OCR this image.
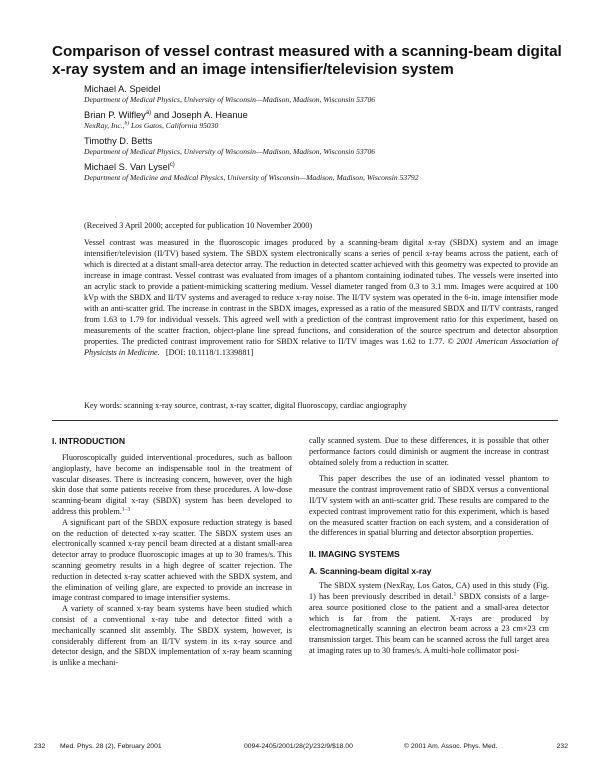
Comparison of vessel contrast measured with a scanning-beam digital x-ray system and an image intensifier/television system
Michael A. Speidel
Department of Medical Physics, University of Wisconsin—Madison, Madison, Wisconsin 53706
Brian P. Wilfley$^{a)}$ and Joseph A. Heanue
NexRay, Inc.,$^{b)}$ Los Gatos, California 95030
Timothy D. Betts
Department of Medical Physics, University of Wisconsin—Madison, Madison, Wisconsin 53706
Michael S. Van Lysel$^{c)}$
Department of Medicine and Medical Physics, University of Wisconsin—Madison, Madison, Wisconsin 53792

(Received 3 April 2000; accepted for publication 10 November 2000)

Vessel contrast was measured in the fluoroscopic images produced by a scanning-beam digital x-ray (SBDX) system and an image intensifier/television (II/TV) based system. The SBDX system electronically scans a series of pencil x-ray beams across the patient, each of which is directed at a distant small-area detector array. The reduction in detected scatter achieved with this geometry was expected to provide an increase in image contrast. Vessel contrast was evaluated from images of a phantom containing iodinated tubes. The vessels were inserted into an acrylic stack to provide a patient-mimicking scattering medium. Vessel diameter ranged from 0.3 to 3.1 mm. Images were acquired at 100 kVp with the SBDX and II/TV systems and averaged to reduce x-ray noise. The II/TV system was operated in the 6-in. image intensifier mode with an anti-scatter grid. The increase in contrast in the SBDX images, expressed as a ratio of the measured SBDX and II/TV contrasts, ranged from 1.63 to 1.79 for individual vessels. This agreed well with a prediction of the contrast improvement ratio for this experiment, based on measurements of the scatter fraction, object-plane line spread functions, and consideration of the source spectrum and detector absorption properties. The predicted contrast improvement ratio for SBDX relative to II/TV images was 1.62 to 1.77. © 2001 American Association of Physicists in Medicine. [DOI: 10.1118/1.1339881]

Key words: scanning x-ray source, contrast, x-ray scatter, digital fluoroscopy, cardiac angiography

I. INTRODUCTION

Fluoroscopically guided interventional procedures, such as balloon angioplasty, have become an indispensable tool in the treatment of vascular diseases. There is increasing concern, however, over the high skin dose that some patients receive from these procedures. A low-dose scanning-beam digital x-ray (SBDX) system has been developed to address this problem.$^{1-3}$

A significant part of the SBDX exposure reduction strategy is based on the reduction of detected x-ray scatter. The SBDX system uses an electronically scanned x-ray pencil beam directed at a distant small-area detector array to produce fluoroscopic images at up to 30 frames/s. This scanning geometry results in a high degree of scatter rejection. The reduction in detected x-ray scatter achieved with the SBDX system, and the elimination of veiling glare, are expected to provide an increase in image contrast compared to image intensifier systems.

A variety of scanned x-ray beam systems have been studied which consist of a conventional x-ray tube and detector fitted with a mechanically scanned slit assembly. The SBDX system, however, is considerably different from an II/TV system in its x-ray source and detector design, and the SBDX implementation of x-ray beam scanning is unlike a mechani-

cally scanned system. Due to these differences, it is possible that other performance factors could diminish or augment the increase in contrast obtained solely from a reduction in scatter.

This paper describes the use of an iodinated vessel phantom to measure the contrast improvement ratio of SBDX versus a conventional II/TV system with an anti-scatter grid. These results are compared to the expected contrast improvement ratio for this experiment, which is based on the measured scatter fraction on each system, and a consideration of the differences in spatial blurring and detector absorption properties.

II. IMAGING SYSTEMS
A. Scanning-beam digital x-ray

The SBDX system (NexRay, Los Gatos, CA) used in this study (Fig. 1) has been previously described in detail.$^1$ SBDX consists of a large-area source positioned close to the patient and a small-area detector which is far from the patient. X-rays are produced by electromagnetically scanning an electron beam across a 23 cm×23 cm transmission target. This beam can be scanned across the full target area at imaging rates up to 30 frames/s. A multi-hole collimator posi-

232 Med. Phys. 28 (2), February 2001	0094-2405/2001/28(2)/232/9/$18.00	© 2001 Am. Assoc. Phys. Med.	232
